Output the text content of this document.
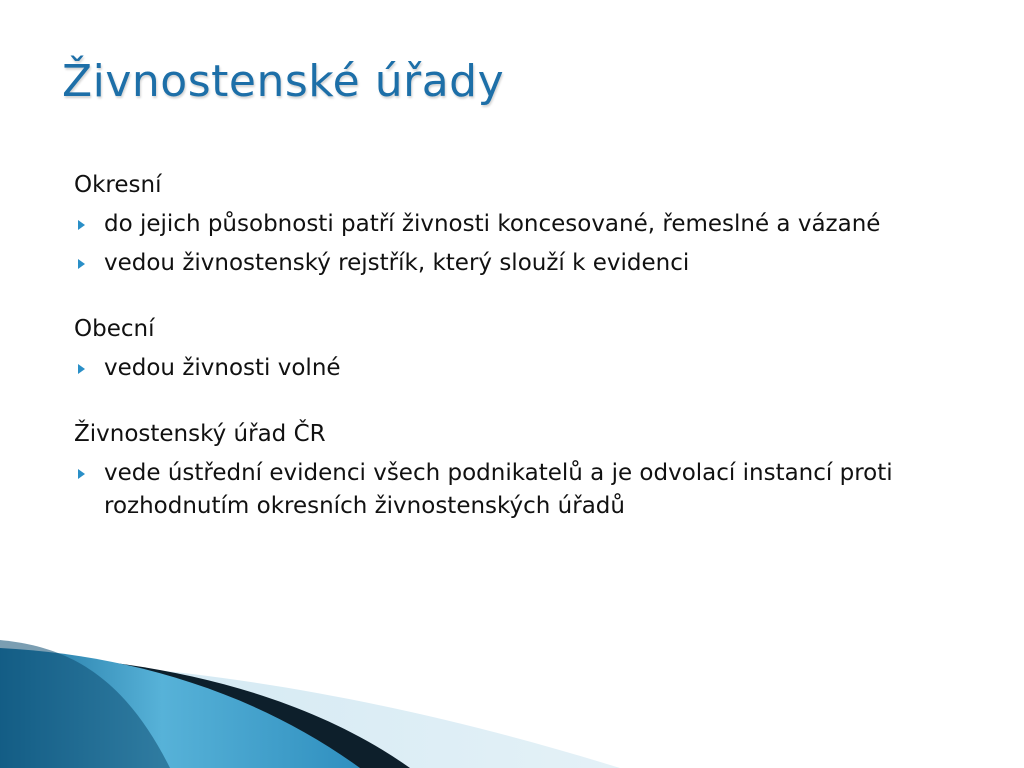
Živnostenské úřady

Okresní

do jejich působnosti patří živnosti koncesované, řemeslné a vázané
vedou živnostenský rejstřík, který slouží k evidenci

Obecní

vedou živnosti volné

Živnostenský úřad ČR

vede ústřední evidenci všech podnikatelů a je odvolací instancí proti rozhodnutím okresních živnostenských úřadů
